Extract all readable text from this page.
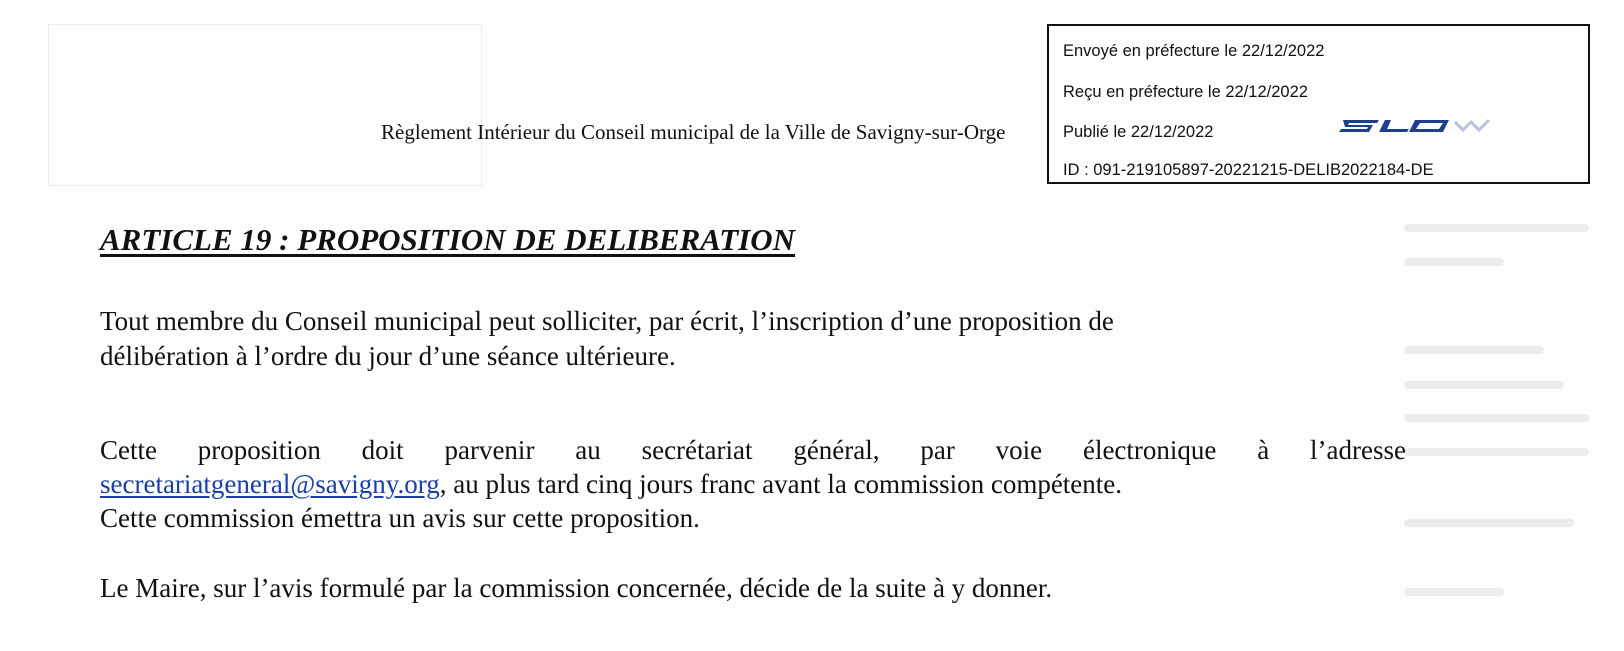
Règlement Intérieur du Conseil municipal de la Ville de Savigny-sur-Orge
Envoyé en préfecture le 22/12/2022
Reçu en préfecture le 22/12/2022
Publié le 22/12/2022
ID : 091-219105897-20221215-DELIB2022184-DE
ARTICLE 19 : PROPOSITION DE DELIBERATION
Tout membre du Conseil municipal peut solliciter, par écrit, l’inscription d’une proposition de
délibération à l’ordre du jour d’une séance ultérieure.
Cette proposition doit parvenir au secrétariat général, par voie électronique à l’adresse
secretariatgeneral@savigny.org, au plus tard cinq jours franc avant la commission compétente.
Cette commission émettra un avis sur cette proposition.
Le Maire, sur l’avis formulé par la commission concernée, décide de la suite à y donner.
